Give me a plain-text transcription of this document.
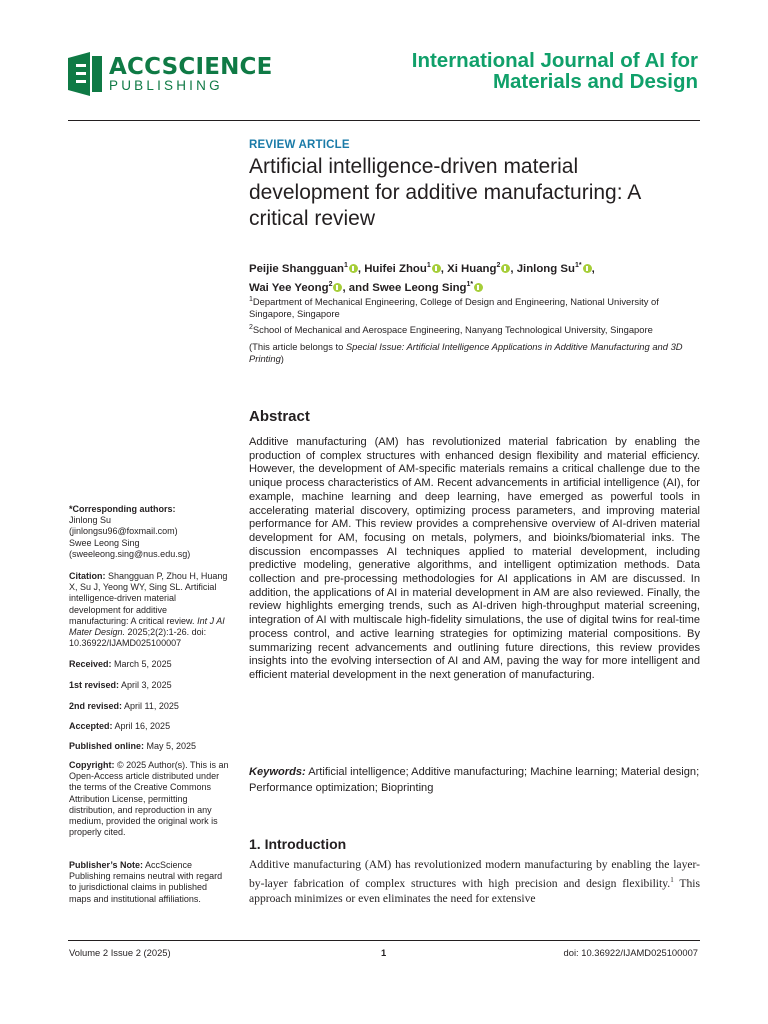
ACCSCIENCE
PUBLISHING
International Journal of AI for
Materials and Design
REVIEW ARTICLE
Artificial intelligence-driven material development for additive manufacturing: A critical review
Peijie Shangguan$^1$ , Huifei Zhou$^1$ , Xi Huang$^2$ , Jinlong $Su^{1*}$ ,
Wai Yee Yeong$^2$ , and Swee Leong Sing$^{1*}$
$^1$Department of Mechanical Engineering, College of Design and Engineering, National University of Singapore, Singapore
$^2$School of Mechanical and Aerospace Engineering, Nanyang Technological University, Singapore
(This article belongs to Special Issue: Artificial Intelligence Applications in Additive Manufacturing and 3D Printing)
Abstract
Additive manufacturing (AM) has revolutionized material fabrication by enabling the production of complex structures with enhanced design flexibility and material efficiency. However, the development of AM-specific materials remains a critical challenge due to the unique process characteristics of AM. Recent advancements in artificial intelligence (AI), for example, machine learning and deep learning, have emerged as powerful tools in accelerating material discovery, optimizing process parameters, and improving material performance for AM. This review provides a comprehensive overview of AI-driven material development for AM, focusing on metals, polymers, and bioinks/biomaterial inks. The discussion encompasses AI techniques applied to material development, including predictive modeling, generative algorithms, and intelligent optimization methods. Data collection and pre-processing methodologies for AI applications in AM are discussed. In addition, the applications of AI in material development in AM are also reviewed. Finally, the review highlights emerging trends, such as AI-driven high-throughput material screening, integration of AI with multiscale high-fidelity simulations, the use of digital twins for real-time process control, and active learning strategies for optimizing material compositions. By summarizing recent advancements and outlining future directions, this review provides insights into the evolving intersection of AI and AM, paving the way for more intelligent and efficient material development in the next generation of manufacturing.
Keywords: Artificial intelligence; Additive manufacturing; Machine learning; Material design; Performance optimization; Bioprinting
1. Introduction
Additive manufacturing (AM) has revolutionized modern manufacturing by enabling the layer-by-layer fabrication of complex structures with high precision and design flexibility.$^1$ This approach minimizes or even eliminates the need for extensive
*Corresponding authors:
Jinlong Su
(jinlongsu96@foxmail.com)
Swee Leong Sing
(sweeleong.sing@nus.edu.sg)
Citation: Shangguan P, Zhou H, Huang X, Su J, Yeong WY, Sing SL. Artificial intelligence-driven material development for additive manufacturing: A critical review. Int J AI Mater Design. 2025;2(2):1-26. doi: 10.36922/IJAMD025100007
Received: March 5, 2025
1st revised: April 3, 2025
2nd revised: April 11, 2025
Accepted: April 16, 2025
Published online: May 5, 2025
Copyright: © 2025 Author(s). This is an Open-Access article distributed under the terms of the Creative Commons Attribution License, permitting distribution, and reproduction in any medium, provided the original work is properly cited.
Publisher’s Note: AccScience Publishing remains neutral with regard to jurisdictional claims in published maps and institutional affiliations.
Volume 2 Issue 2 (2025)	1	doi: 10.36922/IJAMD025100007
